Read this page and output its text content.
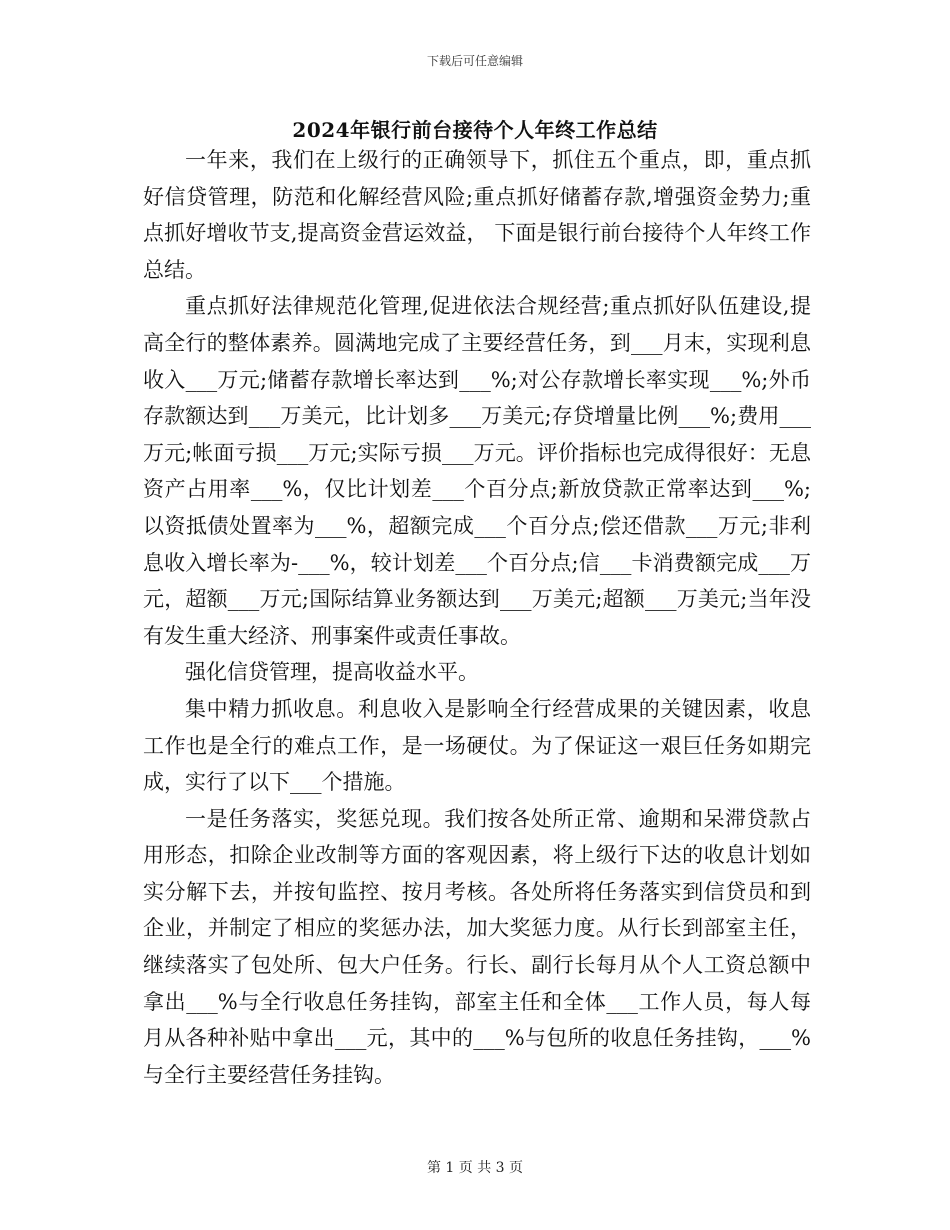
下载后可任意编辑
2024年银行前台接待个人年终工作总结

一年来，我们在上级行的正确领导下，抓住五个重点，即，重点抓好信贷管理，防范和化解经营风险;重点抓好储蓄存款,增强资金势力;重点抓好增收节支,提高资金营运效益， 下面是银行前台接待个人年终工作总结。

重点抓好法律规范化管理,促进依法合规经营;重点抓好队伍建设,提高全行的整体素养。圆满地完成了主要经营任务，到___月末，实现利息收入___万元;储蓄存款增长率达到___%;对公存款增长率实现___%;外币存款额达到___万美元，比计划多___万美元;存贷增量比例___%;费用___万元;帐面亏损___万元;实际亏损___万元。评价指标也完成得很好：无息资产占用率___%，仅比计划差___个百分点;新放贷款正常率达到___%;以资抵债处置率为___%，超额完成___个百分点;偿还借款___万元;非利息收入增长率为-___%，较计划差___个百分点;信___卡消费额完成___万元，超额___万元;国际结算业务额达到___万美元;超额___万美元;当年没有发生重大经济、刑事案件或责任事故。

强化信贷管理，提高收益水平。

集中精力抓收息。利息收入是影响全行经营成果的关键因素，收息工作也是全行的难点工作，是一场硬仗。为了保证这一艰巨任务如期完成，实行了以下___个措施。

一是任务落实，奖惩兑现。我们按各处所正常、逾期和呆滞贷款占用形态，扣除企业改制等方面的客观因素，将上级行下达的收息计划如实分解下去，并按旬监控、按月考核。各处所将任务落实到信贷员和到企业，并制定了相应的奖惩办法，加大奖惩力度。从行长到部室主任，继续落实了包处所、包大户任务。行长、副行长每月从个人工资总额中拿出___%与全行收息任务挂钩，部室主任和全体___工作人员，每人每月从各种补贴中拿出___元，其中的___%与包所的收息任务挂钩，___%与全行主要经营任务挂钩。

第 1 页 共 3 页
